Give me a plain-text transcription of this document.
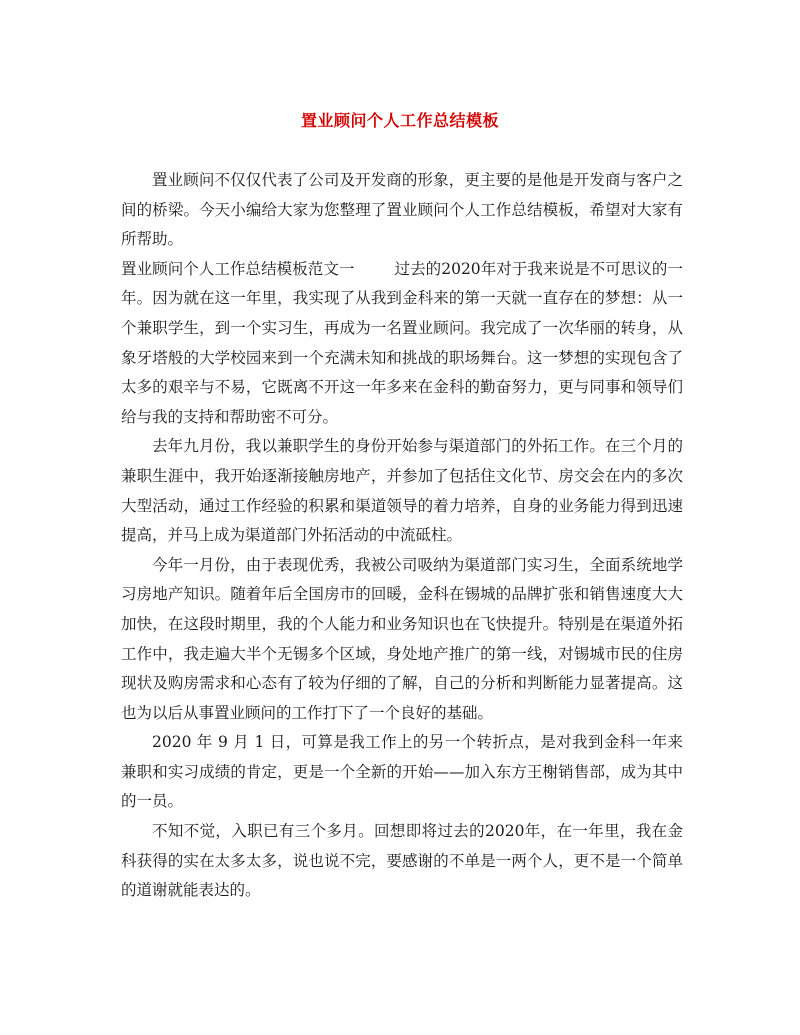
置业顾问个人工作总结模板

置业顾问不仅仅代表了公司及开发商的形象，更主要的是他是开发商与客户之间的桥梁。今天小编给大家为您整理了置业顾问个人工作总结模板，希望对大家有所帮助。

置业顾问个人工作总结模板范文一	过去的2020年对于我来说是不可思议的一年。因为就在这一年里，我实现了从我到金科来的第一天就一直存在的梦想：从一个兼职学生，到一个实习生，再成为一名置业顾问。我完成了一次华丽的转身，从象牙塔般的大学校园来到一个充满未知和挑战的职场舞台。这一梦想的实现包含了太多的艰辛与不易，它既离不开这一年多来在金科的勤奋努力，更与同事和领导们给与我的支持和帮助密不可分。

去年九月份，我以兼职学生的身份开始参与渠道部门的外拓工作。在三个月的兼职生涯中，我开始逐渐接触房地产，并参加了包括住文化节、房交会在内的多次大型活动，通过工作经验的积累和渠道领导的着力培养，自身的业务能力得到迅速提高，并马上成为渠道部门外拓活动的中流砥柱。

今年一月份，由于表现优秀，我被公司吸纳为渠道部门实习生，全面系统地学习房地产知识。随着年后全国房市的回暖，金科在锡城的品牌扩张和销售速度大大加快，在这段时期里，我的个人能力和业务知识也在飞快提升。特别是在渠道外拓工作中，我走遍大半个无锡多个区域，身处地产推广的第一线，对锡城市民的住房现状及购房需求和心态有了较为仔细的了解，自己的分析和判断能力显著提高。这也为以后从事置业顾问的工作打下了一个良好的基础。

2020 年 9 月 1 日，可算是我工作上的另一个转折点，是对我到金科一年来兼职和实习成绩的肯定，更是一个全新的开始——加入东方王榭销售部，成为其中的一员。

不知不觉，入职已有三个多月。回想即将过去的2020年，在一年里，我在金科获得的实在太多太多，说也说不完，要感谢的不单是一两个人，更不是一个简单的道谢就能表达的。
